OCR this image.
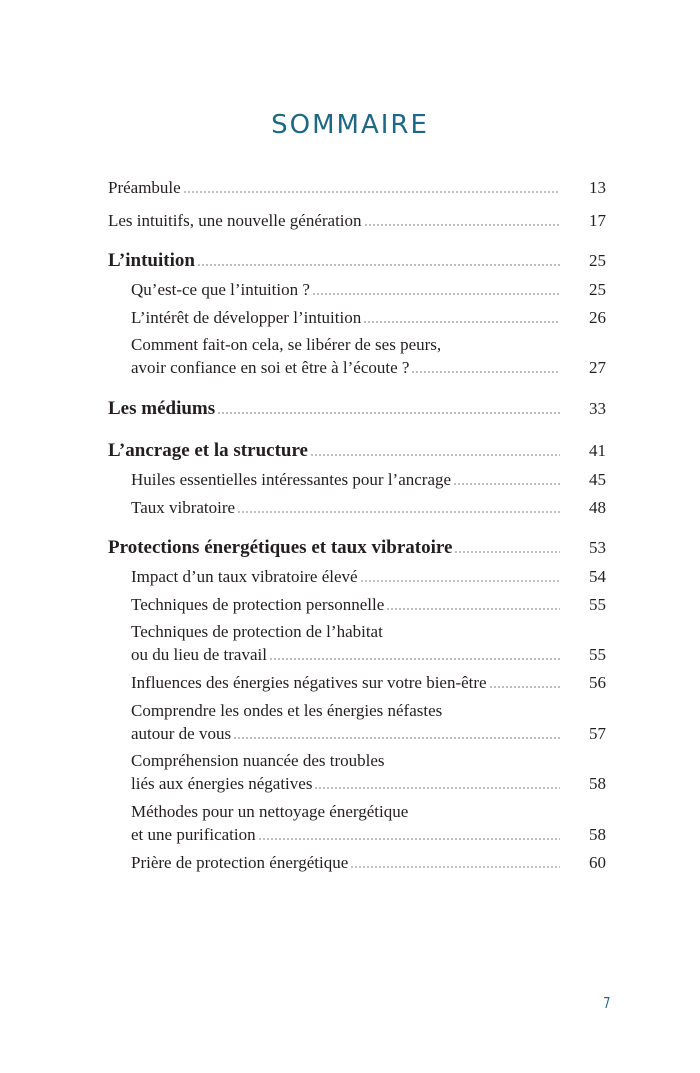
SOMMAIRE
Préambule	13
Les intuitifs, une nouvelle génération	17
L’intuition	25
Qu’est-ce que l’intuition ?	25
L’intérêt de développer l’intuition	26
Comment fait-on cela, se libérer de ses peurs,
avoir confiance en soi et être à l’écoute ?	27
Les médiums	33
L’ancrage et la structure	41
Huiles essentielles intéressantes pour l’ancrage	45
Taux vibratoire	48
Protections énergétiques et taux vibratoire	53
Impact d’un taux vibratoire élevé	54
Techniques de protection personnelle	55
Techniques de protection de l’habitat
ou du lieu de travail	55
Influences des énergies négatives sur votre bien-être	56
Comprendre les ondes et les énergies néfastes
autour de vous	57
Compréhension nuancée des troubles
liés aux énergies négatives	58
Méthodes pour un nettoyage énergétique
et une purification	58
Prière de protection énergétique	60
7
